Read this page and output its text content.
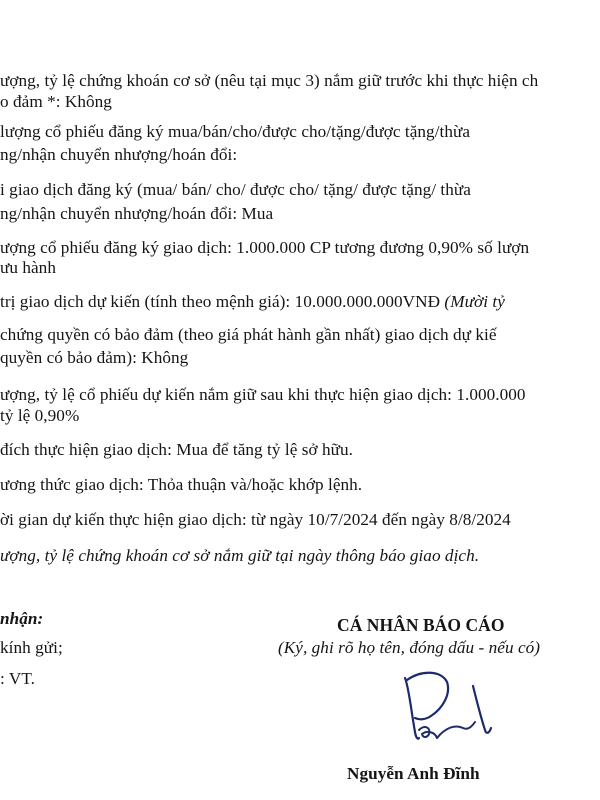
ượng, tỷ lệ chứng khoán cơ sở (nêu tại mục 3) nắm giữ trước khi thực hiện ch
o đảm *: Không
lượng cổ phiếu đăng ký mua/bán/cho/được cho/tặng/được tặng/thừa
ng/nhận chuyển nhượng/hoán đổi:
i giao dịch đăng ký (mua/ bán/ cho/ được cho/ tặng/ được tặng/ thừa
ng/nhận chuyển nhượng/hoán đổi: Mua
ượng cổ phiếu đăng ký giao dịch: 1.000.000 CP tương đương 0,90% số lượn
ưu hành
trị giao dịch dự kiến (tính theo mệnh giá): 10.000.000.000VNĐ (Mười tỷ
chứng quyền có bảo đảm (theo giá phát hành gần nhất) giao dịch dự kiế
quyền có bảo đảm): Không
ượng, tỷ lệ cổ phiếu dự kiến nắm giữ sau khi thực hiện giao dịch: 1.000.000
tỷ lệ 0,90%
đích thực hiện giao dịch: Mua để tăng tỷ lệ sở hữu.
ương thức giao dịch: Thỏa thuận và/hoặc khớp lệnh.
ời gian dự kiến thực hiện giao dịch: từ ngày 10/7/2024 đến ngày 8/8/2024
ượng, tỷ lệ chứng khoán cơ sở nắm giữ tại ngày thông báo giao dịch.
nhận:
kính gửi;
: VT.
CÁ NHÂN BÁO CÁO
(Ký, ghi rõ họ tên, đóng dấu - nếu có)
Nguyễn Anh Đĩnh
